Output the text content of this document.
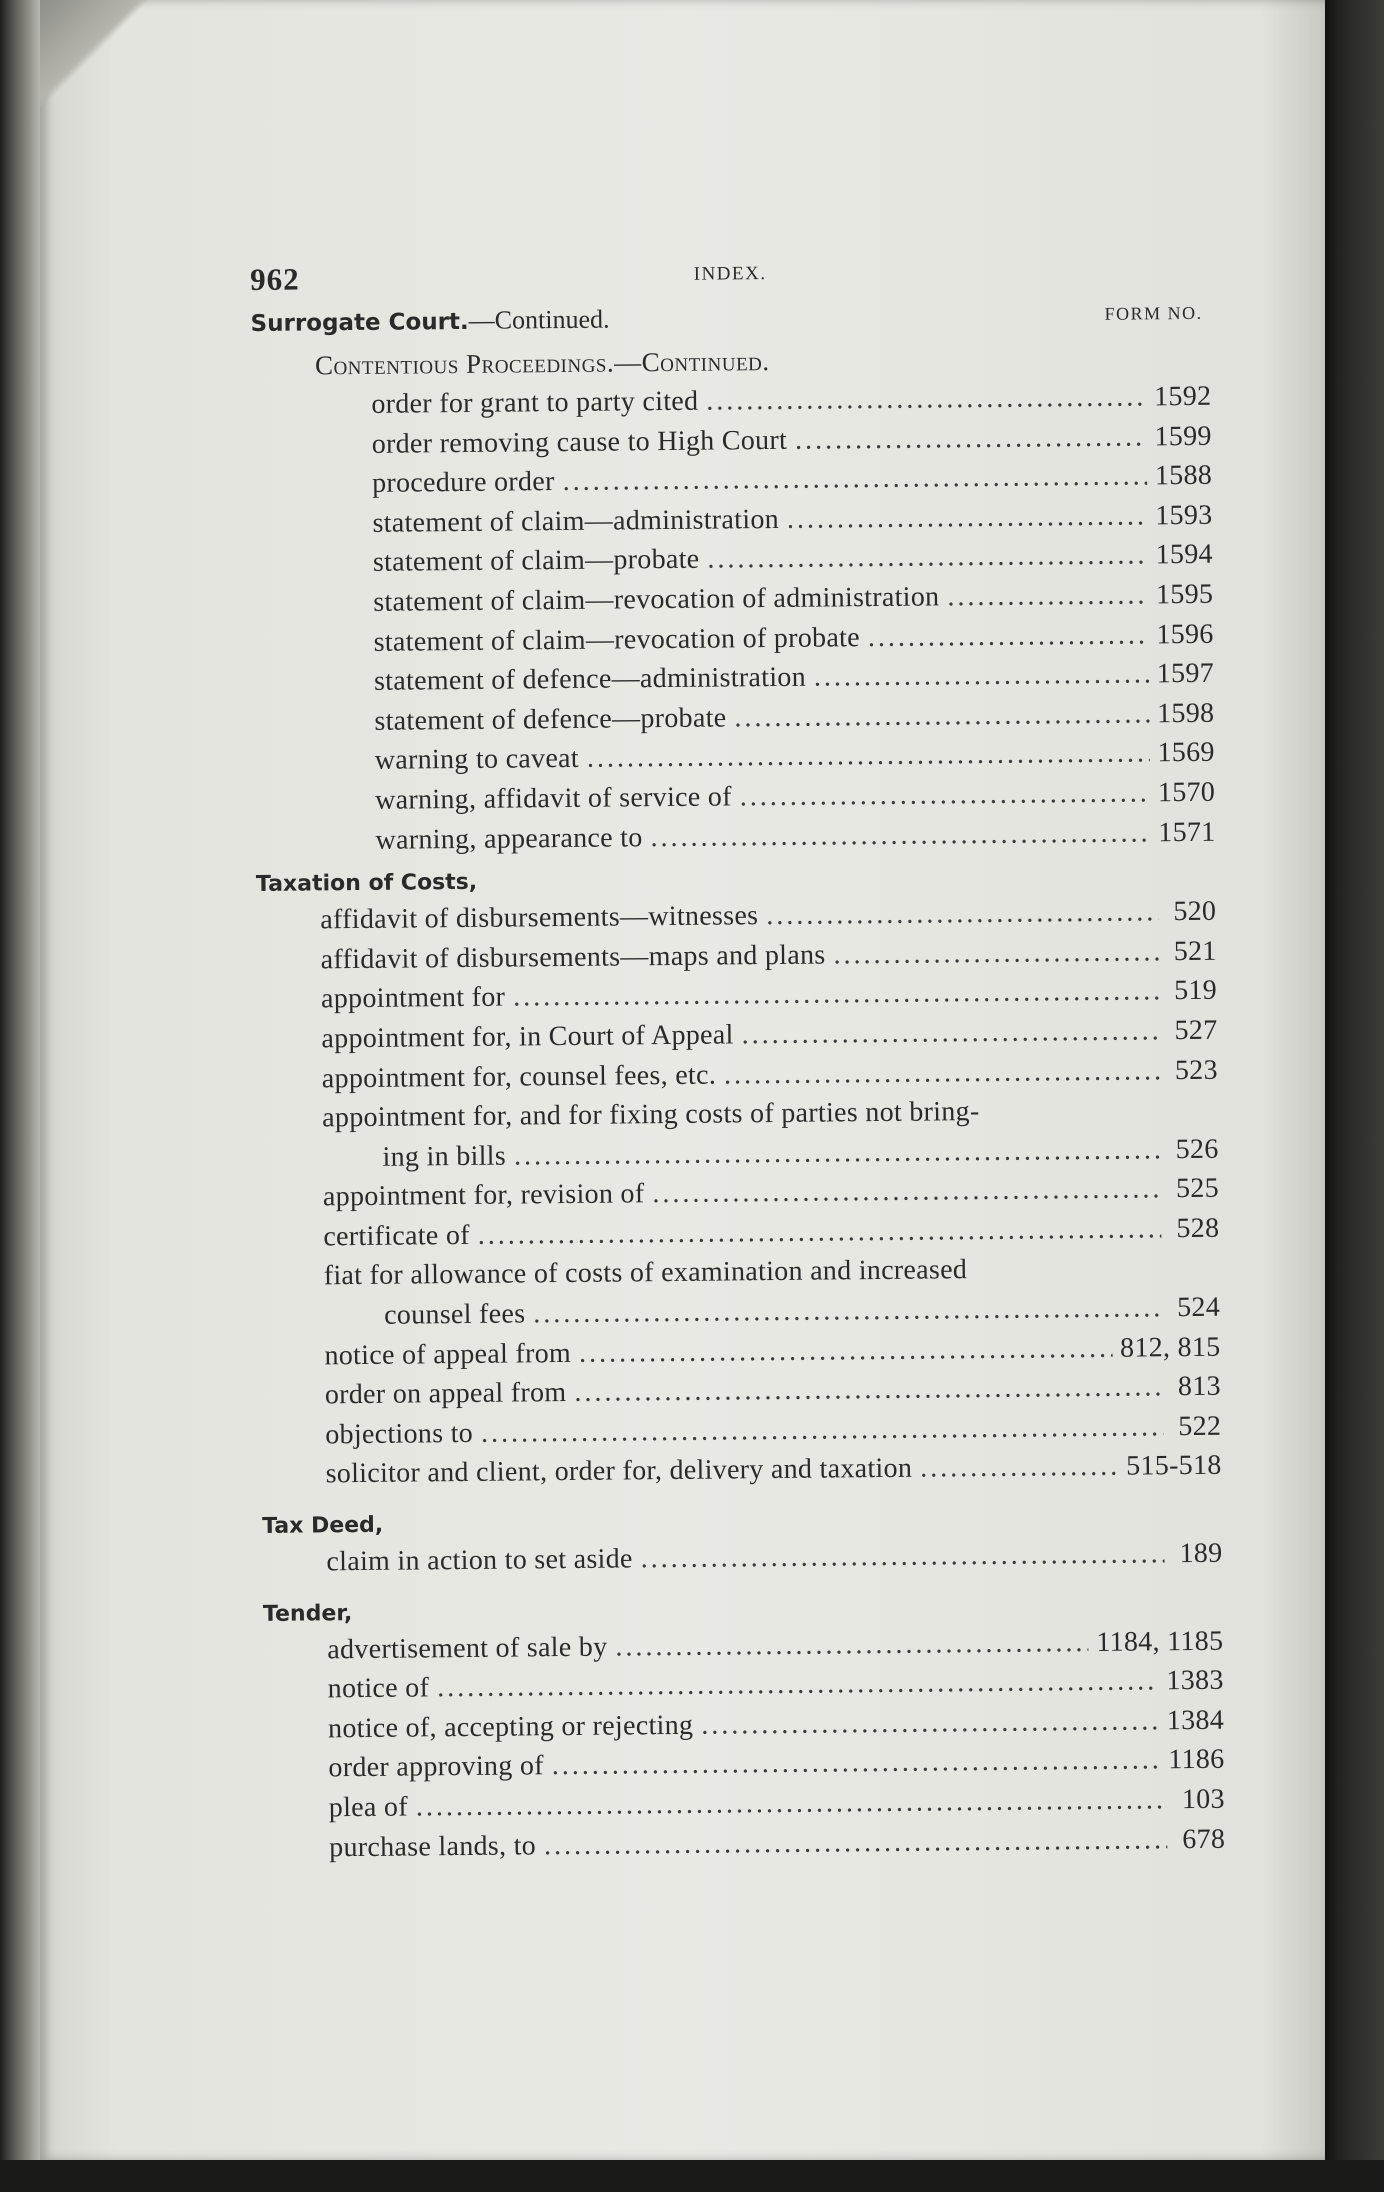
962	INDEX.
Surrogate Court.—Continued.	FORM NO.
Contentious Proceedings.—Continued.
order for grant to party cited .....	1592
order removing cause to High Court .....	1599
procedure order .....	1588
statement of claim—administration .....	1593
statement of claim—probate .....	1594
statement of claim—revocation of administration .....	1595
statement of claim—revocation of probate .....	1596
statement of defence—administration .....	1597
statement of defence—probate .....	1598
warning to caveat .....	1569
warning, affidavit of service of .....	1570
warning, appearance to .....	1571
Taxation of Costs,
affidavit of disbursements—witnesses .....	520
affidavit of disbursements—maps and plans .....	521
appointment for .....	519
appointment for, in Court of Appeal .....	527
appointment for, counsel fees, etc. .....	523
appointment for, and for fixing costs of parties not bring-
ing in bills .....	526
appointment for, revision of .....	525
certificate of .....	528
fiat for allowance of costs of examination and increased
counsel fees .....	524
notice of appeal from .....	812, 815
order on appeal from .....	813
objections to .....	522
solicitor and client, order for, delivery and taxation .....	515-518
Tax Deed,
claim in action to set aside .....	189
Tender,
advertisement of sale by .....	1184, 1185
notice of .....	1383
notice of, accepting or rejecting .....	1384
order approving of .....	1186
plea of .....	103
purchase lands, to .....	678
